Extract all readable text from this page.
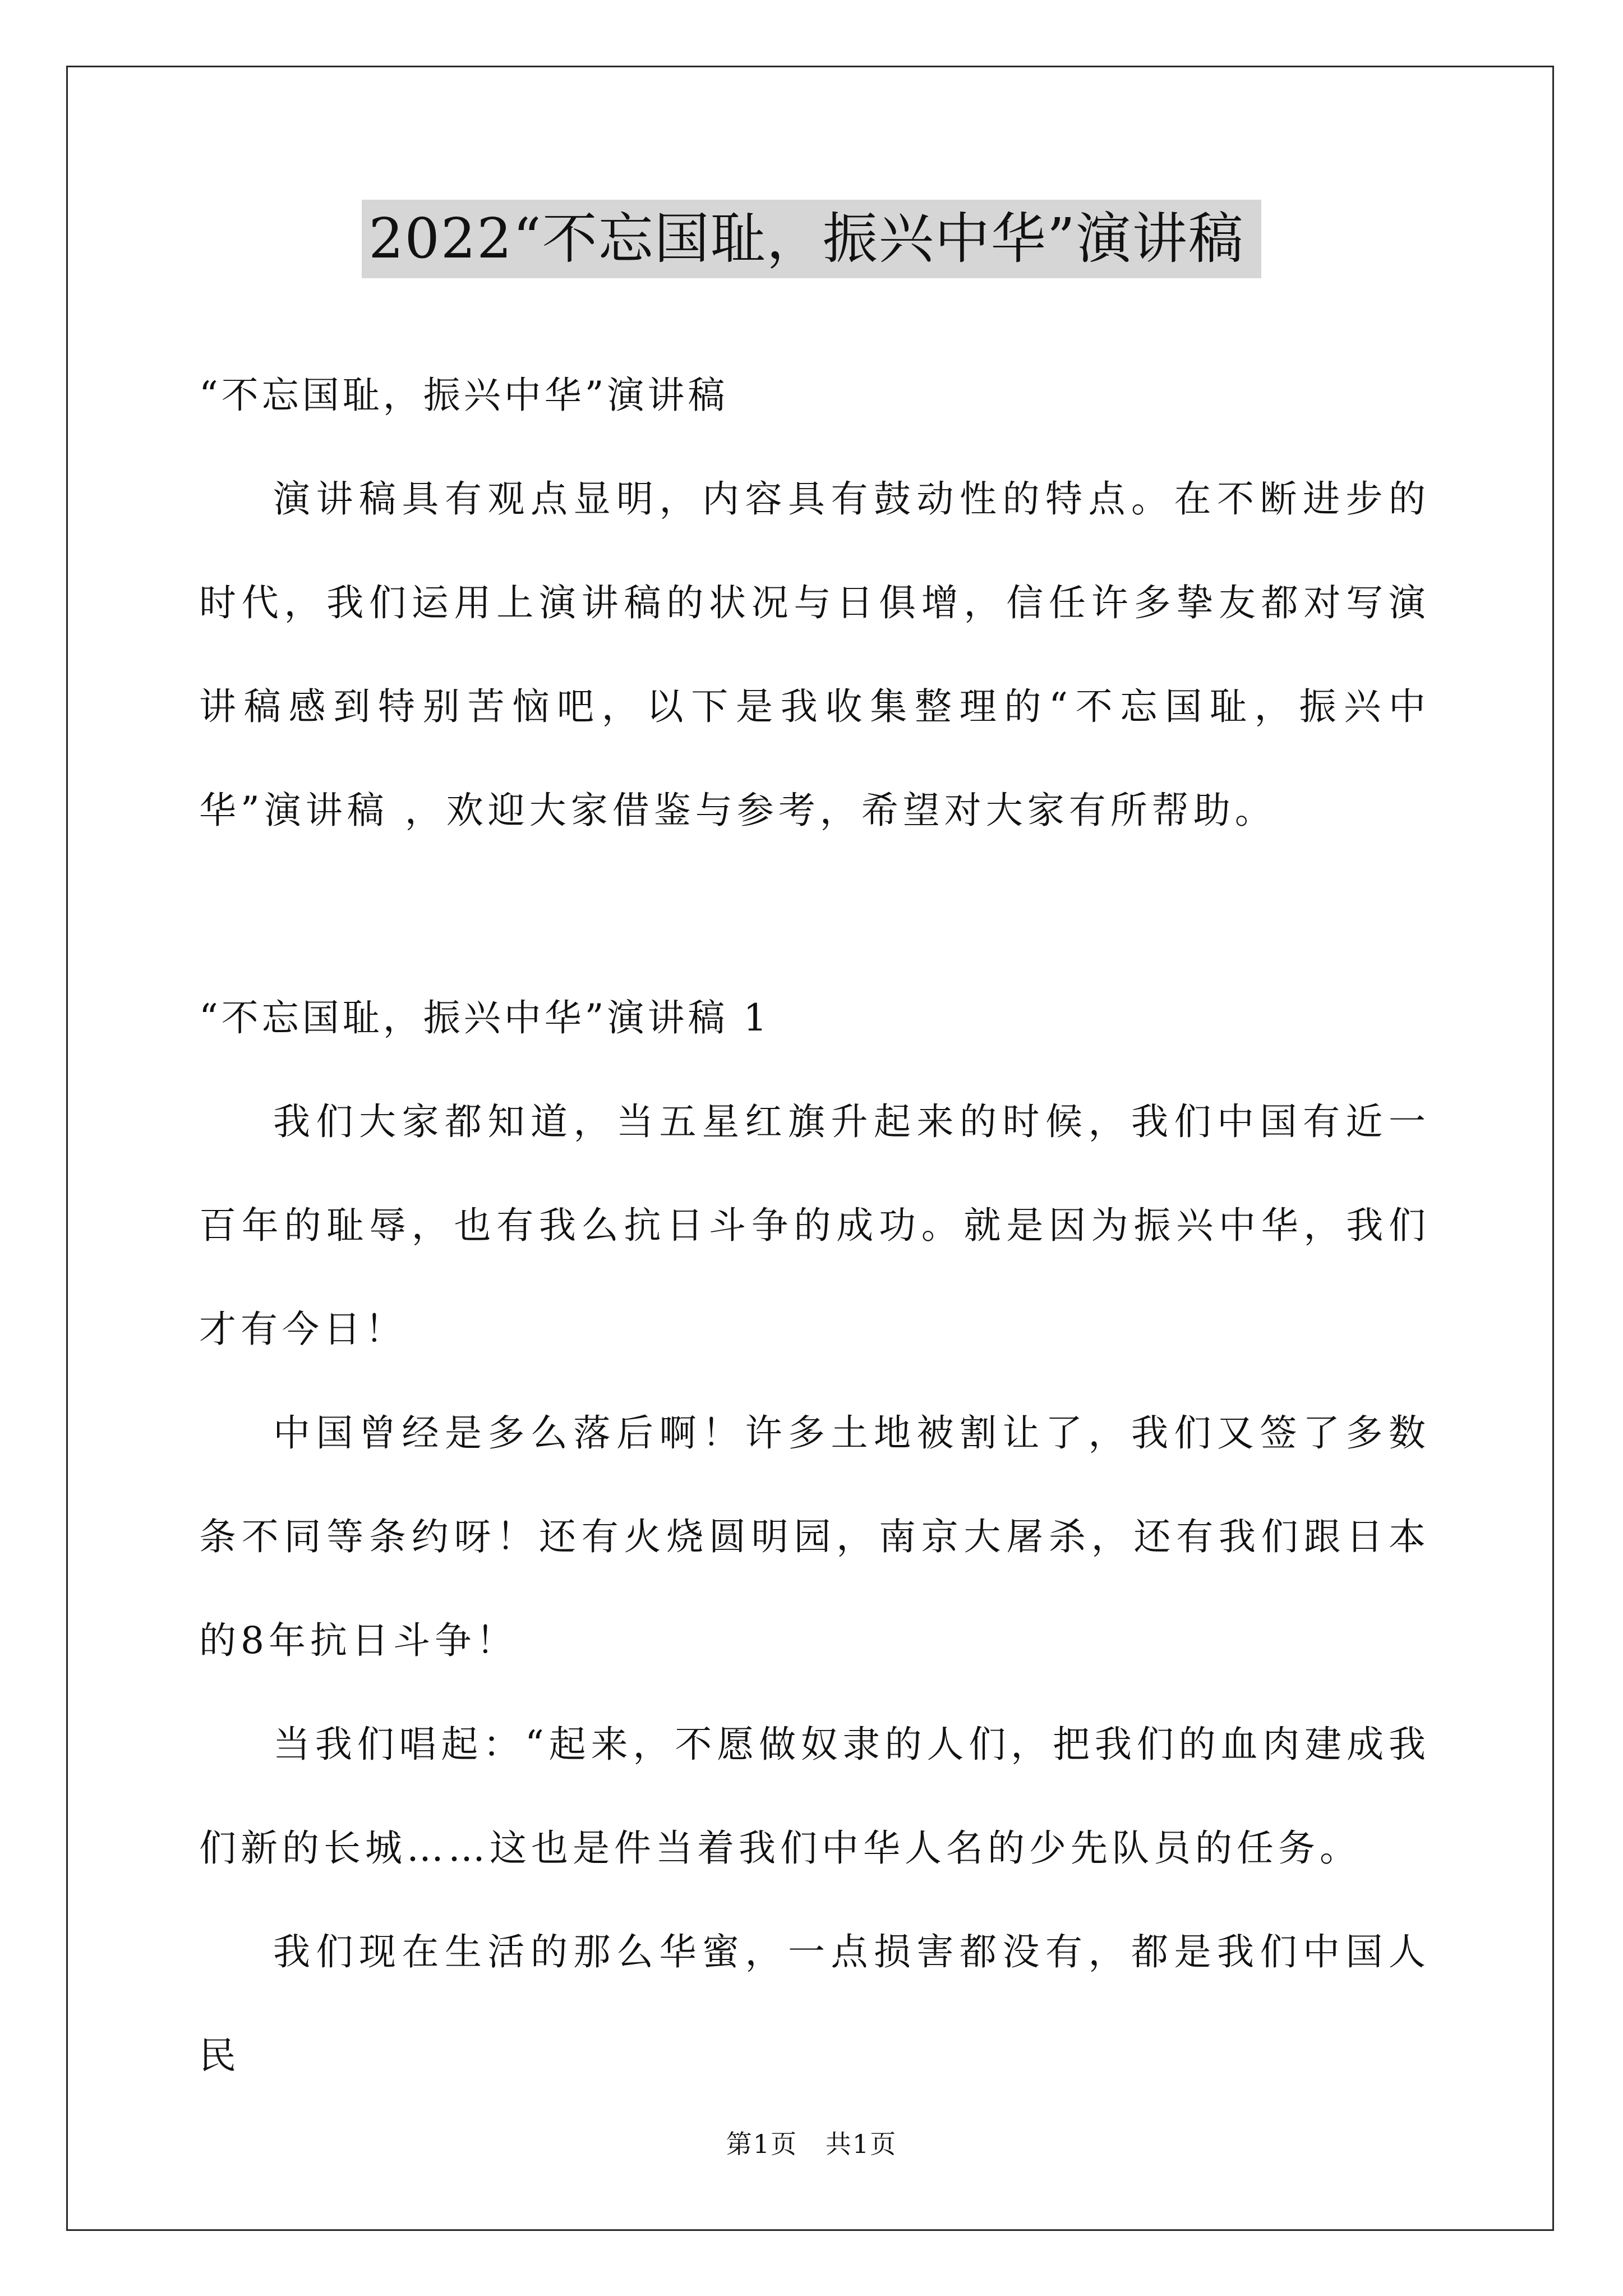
2022“不忘国耻，振兴中华”演讲稿

“不忘国耻，振兴中华”演讲稿

演讲稿具有观点显明，内容具有鼓动性的特点。在不断进步的时代，我们运用上演讲稿的状况与日俱增，信任许多挚友都对写演讲稿感到特别苦恼吧，以下是我收集整理的“不忘国耻，振兴中华”演讲稿 ，欢迎大家借鉴与参考，希望对大家有所帮助。

“不忘国耻，振兴中华”演讲稿 1

我们大家都知道，当五星红旗升起来的时候，我们中国有近一百年的耻辱，也有我么抗日斗争的成功。就是因为振兴中华，我们才有今日！

中国曾经是多么落后啊！许多土地被割让了，我们又签了多数条不同等条约呀！还有火烧圆明园，南京大屠杀，还有我们跟日本的8年抗日斗争！

当我们唱起：“起来，不愿做奴隶的人们，把我们的血肉建成我们新的长城……这也是件当着我们中华人名的少先队员的任务。

我们现在生活的那么华蜜，一点损害都没有，都是我们中国人民

第1页   共1页
